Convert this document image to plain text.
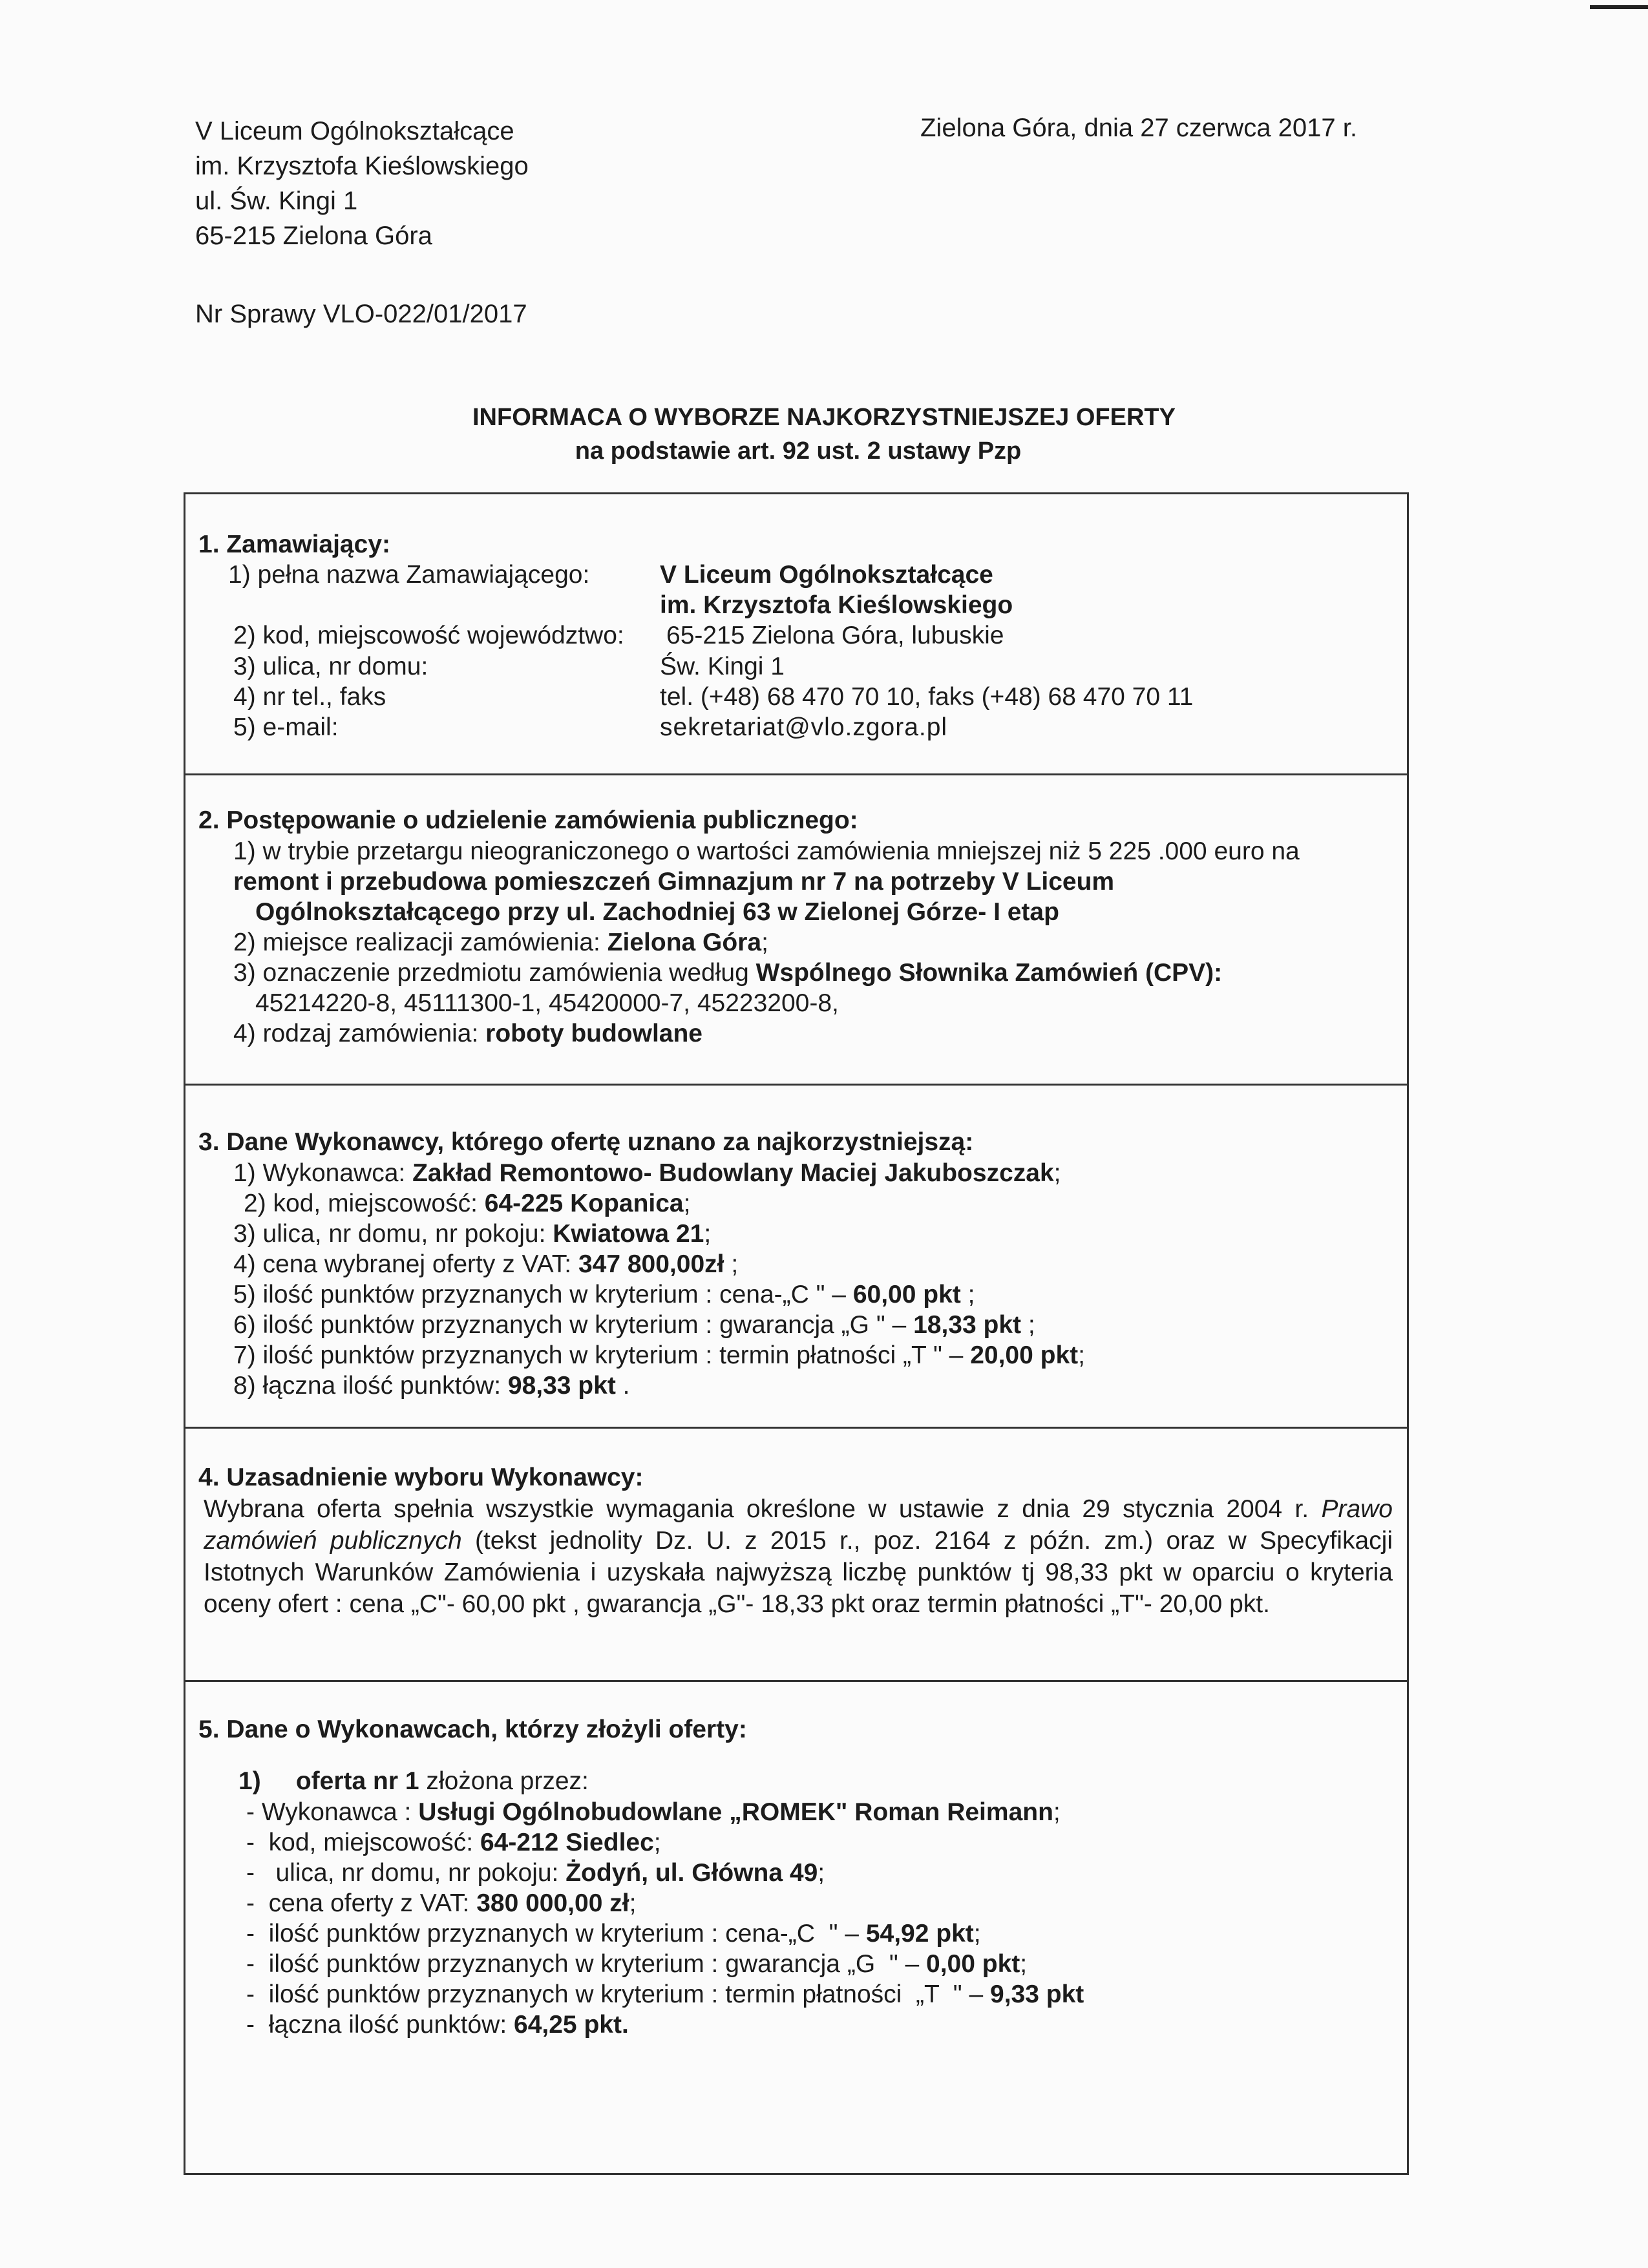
V Liceum Ogólnokształcące
im. Krzysztofa Kieślowskiego
ul. Św. Kingi 1
65-215 Zielona Góra
Zielona Góra, dnia 27 czerwca 2017 r.
Nr Sprawy VLO-022/01/2017
INFORMACA O WYBORZE NAJKORZYSTNIEJSZEJ OFERTY
na podstawie art. 92 ust. 2 ustawy Pzp
1. Zamawiający:
1) pełna nazwa Zamawiającego:	V Liceum Ogólnokształcące
im. Krzysztofa Kieślowskiego
2) kod, miejscowość województwo: 65-215 Zielona Góra, lubuskie
3) ulica, nr domu:	Św. Kingi 1
4) nr tel., faks	tel. (+48) 68 470 70 10, faks (+48) 68 470 70 11
5) e-mail:	sekretariat@vlo.zgora.pl
2. Postępowanie o udzielenie zamówienia publicznego:
1) w trybie przetargu nieograniczonego o wartości zamówienia mniejszej niż 5 225 .000 euro na
remont i przebudowa pomieszczeń Gimnazjum nr 7 na potrzeby V Liceum
Ogólnokształcącego przy ul. Zachodniej 63 w Zielonej Górze- I etap
2) miejsce realizacji zamówienia: Zielona Góra;
3) oznaczenie przedmiotu zamówienia według Wspólnego Słownika Zamówień (CPV):
45214220-8, 45111300-1, 45420000-7, 45223200-8,
4) rodzaj zamówienia: roboty budowlane
3. Dane Wykonawcy, którego ofertę uznano za najkorzystniejszą:
1) Wykonawca: Zakład Remontowo- Budowlany Maciej Jakuboszczak;
2) kod, miejscowość: 64-225 Kopanica;
3) ulica, nr domu, nr pokoju: Kwiatowa 21;
4) cena wybranej oferty z VAT: 347 800,00zł ;
5) ilość punktów przyznanych w kryterium : cena-„C " – 60,00 pkt ;
6) ilość punktów przyznanych w kryterium : gwarancja „G " – 18,33 pkt ;
7) ilość punktów przyznanych w kryterium : termin płatności „T " – 20,00 pkt;
8) łączna ilość punktów: 98,33 pkt .
4. Uzasadnienie wyboru Wykonawcy:
Wybrana oferta spełnia wszystkie wymagania określone w ustawie z dnia 29 stycznia 2004 r. Prawo zamówień publicznych (tekst jednolity Dz. U. z 2015 r., poz. 2164 z późn. zm.) oraz w Specyfikacji Istotnych Warunków Zamówienia i uzyskała najwyższą liczbę punktów tj 98,33 pkt w oparciu o kryteria oceny ofert : cena „C"- 60,00 pkt , gwarancja „G"- 18,33 pkt oraz termin płatności „T"- 20,00 pkt.
5. Dane o Wykonawcach, którzy złożyli oferty:
1)     oferta nr 1 złożona przez:
- Wykonawca : Usługi Ogólnobudowlane „ROMEK" Roman Reimann;
-  kod, miejscowość: 64-212 Siedlec;
-   ulica, nr domu, nr pokoju: Żodyń, ul. Główna 49;
-  cena oferty z VAT: 380 000,00 zł;
-  ilość punktów przyznanych w kryterium : cena-„C  " – 54,92 pkt;
-  ilość punktów przyznanych w kryterium : gwarancja „G  " – 0,00 pkt;
-  ilość punktów przyznanych w kryterium : termin płatności  „T  " – 9,33 pkt
-  łączna ilość punktów: 64,25 pkt.
